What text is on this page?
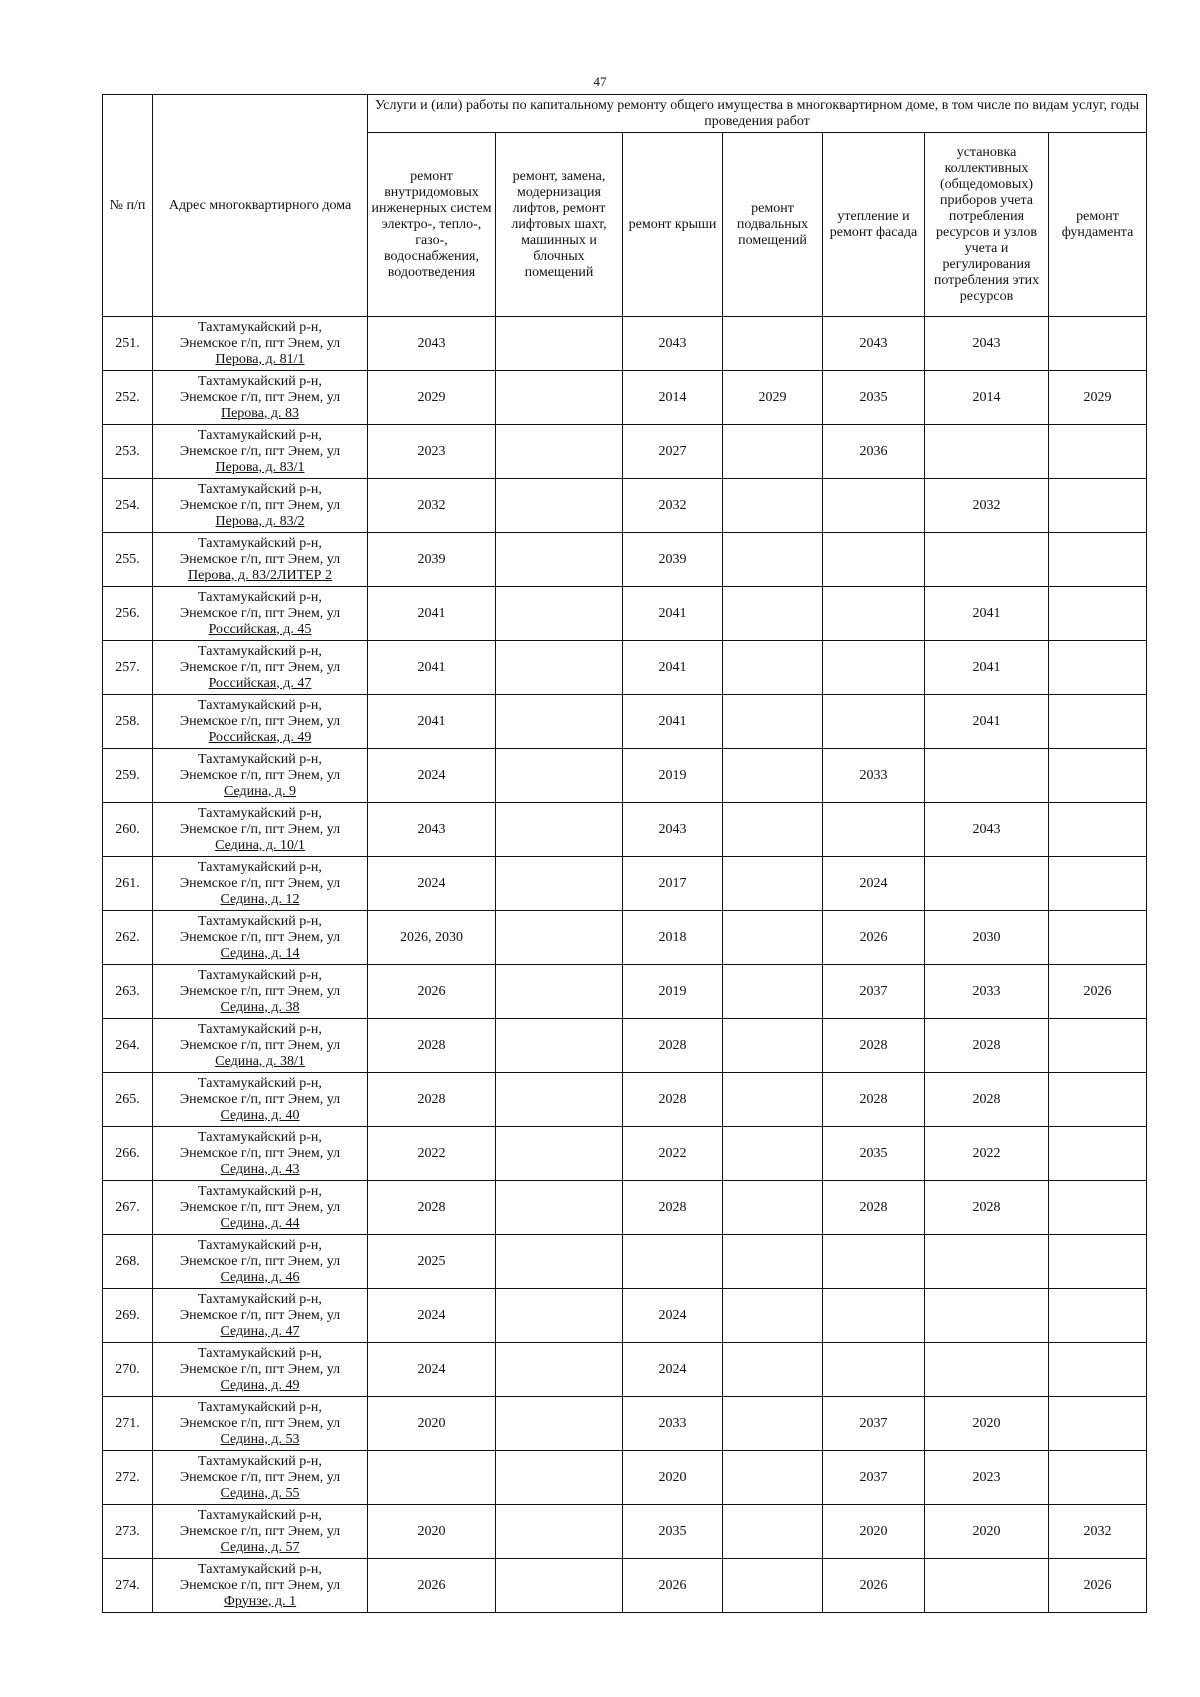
47
№ п/п	Адрес многоквартирного дома	Услуги и (или) работы по капитальному ремонту общего имущества в многоквартирном доме, в том числе по видам услуг, годы проведения работ						
		ремонт внутридомовых инженерных систем электро-, тепло-, газо-, водоснабжения, водоотведения	ремонт, замена, модернизация лифтов, ремонт лифтовых шахт, машинных и блочных помещений	ремонт крыши	ремонт подвальных помещений	утепление и ремонт фасада	установка коллективных (общедомовых) приборов учета потребления ресурсов и узлов учета и регулирования потребления этих ресурсов	ремонт фундамента
251.	Тахтамукайский р-н,
Энемское г/п, пгт Энем, ул
Перова, д. 81/1	2043		2043		2043	2043	
252.	Тахтамукайский р-н,
Энемское г/п, пгт Энем, ул
Перова, д. 83	2029		2014	2029	2035	2014	2029
253.	Тахтамукайский р-н,
Энемское г/п, пгт Энем, ул
Перова, д. 83/1	2023		2027		2036		
254.	Тахтамукайский р-н,
Энемское г/п, пгт Энем, ул
Перова, д. 83/2	2032		2032			2032	
255.	Тахтамукайский р-н,
Энемское г/п, пгт Энем, ул
Перова, д. 83/2ЛИТЕР 2	2039		2039				
256.	Тахтамукайский р-н,
Энемское г/п, пгт Энем, ул
Российская, д. 45	2041		2041			2041	
257.	Тахтамукайский р-н,
Энемское г/п, пгт Энем, ул
Российская, д. 47	2041		2041			2041	
258.	Тахтамукайский р-н,
Энемское г/п, пгт Энем, ул
Российская, д. 49	2041		2041			2041	
259.	Тахтамукайский р-н,
Энемское г/п, пгт Энем, ул
Седина, д. 9	2024		2019		2033		
260.	Тахтамукайский р-н,
Энемское г/п, пгт Энем, ул
Седина, д. 10/1	2043		2043			2043	
261.	Тахтамукайский р-н,
Энемское г/п, пгт Энем, ул
Седина, д. 12	2024		2017		2024		
262.	Тахтамукайский р-н,
Энемское г/п, пгт Энем, ул
Седина, д. 14	2026, 2030		2018		2026	2030	
263.	Тахтамукайский р-н,
Энемское г/п, пгт Энем, ул
Седина, д. 38	2026		2019		2037	2033	2026
264.	Тахтамукайский р-н,
Энемское г/п, пгт Энем, ул
Седина, д. 38/1	2028		2028		2028	2028	
265.	Тахтамукайский р-н,
Энемское г/п, пгт Энем, ул
Седина, д. 40	2028		2028		2028	2028	
266.	Тахтамукайский р-н,
Энемское г/п, пгт Энем, ул
Седина, д. 43	2022		2022		2035	2022	
267.	Тахтамукайский р-н,
Энемское г/п, пгт Энем, ул
Седина, д. 44	2028		2028		2028	2028	
268.	Тахтамукайский р-н,
Энемское г/п, пгт Энем, ул
Седина, д. 46	2025						
269.	Тахтамукайский р-н,
Энемское г/п, пгт Энем, ул
Седина, д. 47	2024		2024				
270.	Тахтамукайский р-н,
Энемское г/п, пгт Энем, ул
Седина, д. 49	2024		2024				
271.	Тахтамукайский р-н,
Энемское г/п, пгт Энем, ул
Седина, д. 53	2020		2033		2037	2020	
272.	Тахтамукайский р-н,
Энемское г/п, пгт Энем, ул
Седина, д. 55			2020		2037	2023	
273.	Тахтамукайский р-н,
Энемское г/п, пгт Энем, ул
Седина, д. 57	2020		2035		2020	2020	2032
274.	Тахтамукайский р-н,
Энемское г/п, пгт Энем, ул
Фрунзе, д. 1	2026		2026		2026		2026
